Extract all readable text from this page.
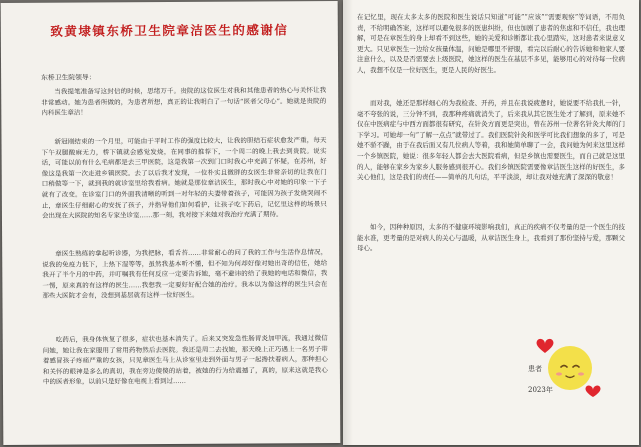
致黄埭镇东桥卫生院章洁医生的感谢信
东桥卫生院领导：

当我提笔准备写这封信的时候，思绪万千。贵院的这位医生对我和其他患者的热心与关怀让我非常感动。她为患者所做的，为患者所想，真正的让我明白了一句话“医者父母心”。她就是贵院的内科医生章洁！

新冠刚结束的一个月里，可能由于平时工作的强度比较大，让我的胆结石症状愈发严重，每天下午双腿酸麻无力，桥下镇就会感觉发烧，在同事的推荐下，一个周二的晚上我去到贵院。说实话，可能以前有什么毛病都是去三甲医院，这是我第一次到门口时我心中充满了怀疑，在苏州，好像这是我第一次走进乡镇医院。去了以后我才发现，一位朴实且微胖的女医生非常亲切的让我在门口稍做等一下，就到我的就诊室里给我看病。她就是那位章洁医生，那时我心中对她的印象一下子就有了改变。在诊室门口的外面我清晰的听到一对年轻的夫妻带着孩子，可能因为孩子发烧哭闹不止，章医生仔细耐心的安抚了孩子，并指导他们如何看护，让孩子吃下药后，记忆里这样的场景只会出现在大医院的知名专家坐诊室……那一刻，我对接下来她对我治疗充满了期待。

章医生熟练的拿起听诊器，为我把脉，看舌苔……非常耐心的问了我的工作与生活作息情况，说我的免疫力低下，上热下湿等等，虽然我基本听不懂，但不知为何却好像对她出奇的信任，她给我开了半个月的中药，并叮嘱我有任何反应一定要告诉她，毫不避讳的给了我她的电话和微信，我一愣，原来真的有这样的医生……我想我一定要好好配合她的治疗。我本以为像这样的医生只会在那些大医院才会有，没想到基层就有这样一位好医生。

吃药后，我身体恢复了很多，症状也基本消失了。后来又突发急性肠胃炎加甲流，我通过微信问她，她让我在家服用了常用药物然后去医院。我还是周二去找她，那天晚上正巧遇上一名男子带着感冒孩子疼痛严重的女孩，只见章医生马上从诊室里走到外面与男子一起搀扶着病人，那种担心和关怀的眼神是多么的真切，我在旁边傻傻的站着，被她的行为给震撼了，真的，原来这就是我心中的医者形象，以前只是好像在电视上看到过……

在记忆里，现在太多太多的医院和医生说话只知道“可能”“应该”“需要观察”等词语，不用负责，不给明确答案，这样可以避免很多的医患纠纷，但也加剧了患者的焦虑和不信任，我也理解，可是在章医生的身上却看不到这些，她的关爱和诊断都让我心里踏实，这对患者来说意义更大。只见章医生一边给女孩量体温，问她是哪里不舒服，看完以后耐心的告诉她和他家人要注意什么，以及是否需要去上级医院，她这样的医生在基层不多见，能够用心的对待每一位病人，我想不仅是一位好医生，更是人民的好医生。

而对我，她还是那样细心的为我检查、开药，并且在我说疲惫时，她说要不给我扎一针，毫不夸张的说，三分钟不到，我那种疼痛就消失了，后来我从其它医生处才了解到，原来她不仅在中医病症与中西方面都很有研究，在针灸方面更是突出，曾在苏州一位著名针灸大师的门下学习。可她却一句“了解一点点”就带过了。我们医院针灸和医学可比我们想象的多了，可是她不骄不躁，由于在我后面又有几位病人等着，我和她简单聊了一会，我问她为何来这里这样一个乡镇医院，她说：很多年轻人都会去大医院看病，但是乡镇也需要医生，而自己就是这里的人，能够在家乡为家乡人服务感到很开心。我们乡镇医院需要像章洁医生这样的好医生，多关心他们，这是我们的责任——简单的几句话，平平淡淡，却让我对她充满了深深的敬意！

如今，因种种原因，太多的不健康环境影响我们，真正的疾病不仅考量的是一个医生的技能水准，更考量的是对病人的关心与温暖，从章洁医生身上，我看到了那份坚持与爱，那颗父母心。

患者
2023年
